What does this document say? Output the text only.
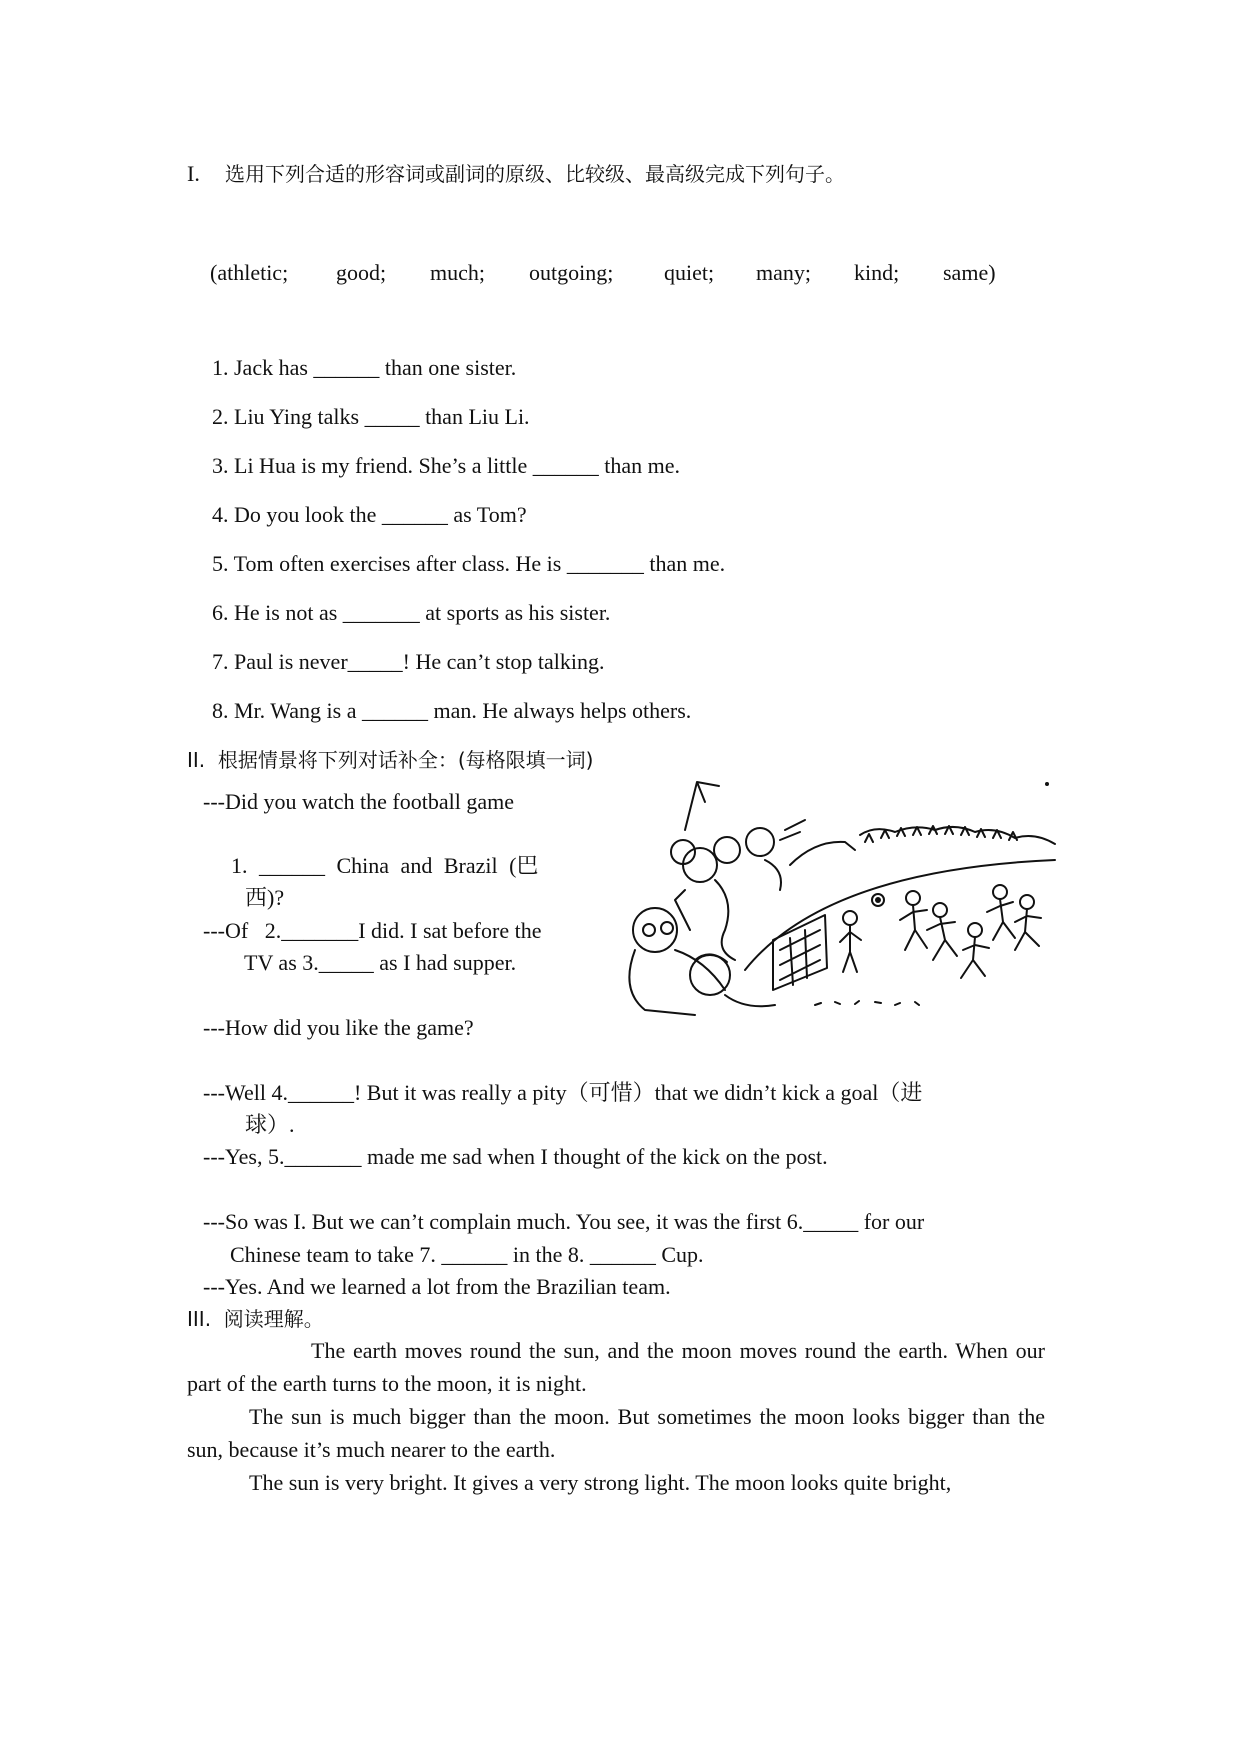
I. 选用下列合适的形容词或副词的原级、比较级、最高级完成下列句子。
(athletic; good; much; outgoing; quiet; many; kind; same)
1. Jack has ______ than one sister.
2. Liu Ying talks _____ than Liu Li.
3. Li Hua is my friend. She’s a little ______ than me.
4. Do you look the ______ as Tom?
5. Tom often exercises after class. He is _______ than me.
6. He is not as _______ at sports as his sister.
7. Paul is never_____! He can’t stop talking.
8. Mr. Wang is a ______ man. He always helps others.
II.  根据情景将下列对话补全：(每格限填一词)
---Did you watch the football game
1. ______ China and Brazil (巴
西)?
---Of   2._______I did. I sat before the
TV as 3._____ as I had supper.
---How did you like the game?
---Well 4.______! But it was really a pity（可惜）that we didn’t kick a goal（进
球）.
---Yes, 5._______ made me sad when I thought of the kick on the post.
---So was I. But we can’t complain much. You see, it was the first 6._____ for our
Chinese team to take 7. ______ in the 8. ______ Cup.
---Yes. And we learned a lot from the Brazilian team.
III.  阅读理解。
The earth moves round the sun, and the moon moves round the earth. When our part of the earth turns to the moon, it is night.
The sun is much bigger than the moon. But sometimes the moon looks bigger than the sun, because it’s much nearer to the earth.
The sun is very bright. It gives a very strong light. The moon looks quite bright,
